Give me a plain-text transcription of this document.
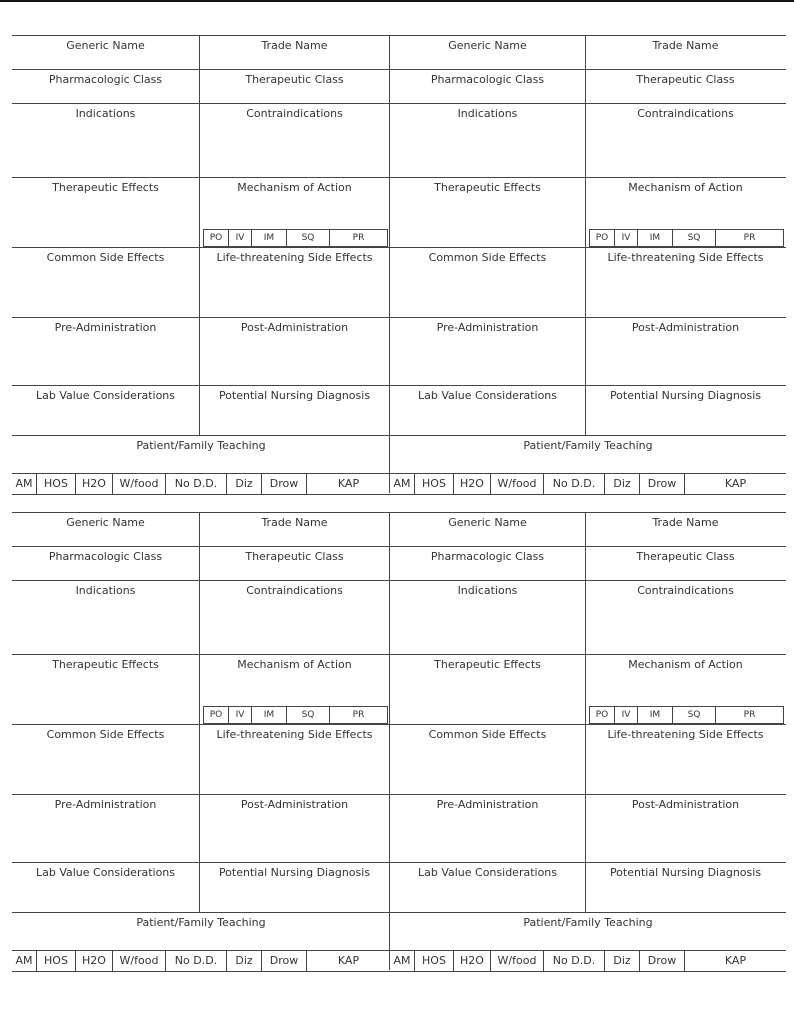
Generic Name	Trade Name
Pharmacologic Class	Therapeutic Class
Indications	Contraindications
Therapeutic Effects	Mechanism of Action
Common Side Effects	Life-threatening Side Effects
Pre-Administration	Post-Administration
Lab Value Considerations	Potential Nursing Diagnosis
Patient/Family Teaching
PO	IV	IM	SQ	PR
AM	HOS	H2O	W/food	No D.D.	Diz	Drow	KAP
Generic Name	Trade Name
Pharmacologic Class	Therapeutic Class
Indications	Contraindications
Therapeutic Effects	Mechanism of Action
Common Side Effects	Life-threatening Side Effects
Pre-Administration	Post-Administration
Lab Value Considerations	Potential Nursing Diagnosis
Patient/Family Teaching
PO	IV	IM	SQ	PR
AM	HOS	H2O	W/food	No D.D.	Diz	Drow	KAP
Generic Name	Trade Name
Pharmacologic Class	Therapeutic Class
Indications	Contraindications
Therapeutic Effects	Mechanism of Action
Common Side Effects	Life-threatening Side Effects
Pre-Administration	Post-Administration
Lab Value Considerations	Potential Nursing Diagnosis
Patient/Family Teaching
PO	IV	IM	SQ	PR
AM	HOS	H2O	W/food	No D.D.	Diz	Drow	KAP
Generic Name	Trade Name
Pharmacologic Class	Therapeutic Class
Indications	Contraindications
Therapeutic Effects	Mechanism of Action
Common Side Effects	Life-threatening Side Effects
Pre-Administration	Post-Administration
Lab Value Considerations	Potential Nursing Diagnosis
Patient/Family Teaching
PO	IV	IM	SQ	PR
AM	HOS	H2O	W/food	No D.D.	Diz	Drow	KAP
